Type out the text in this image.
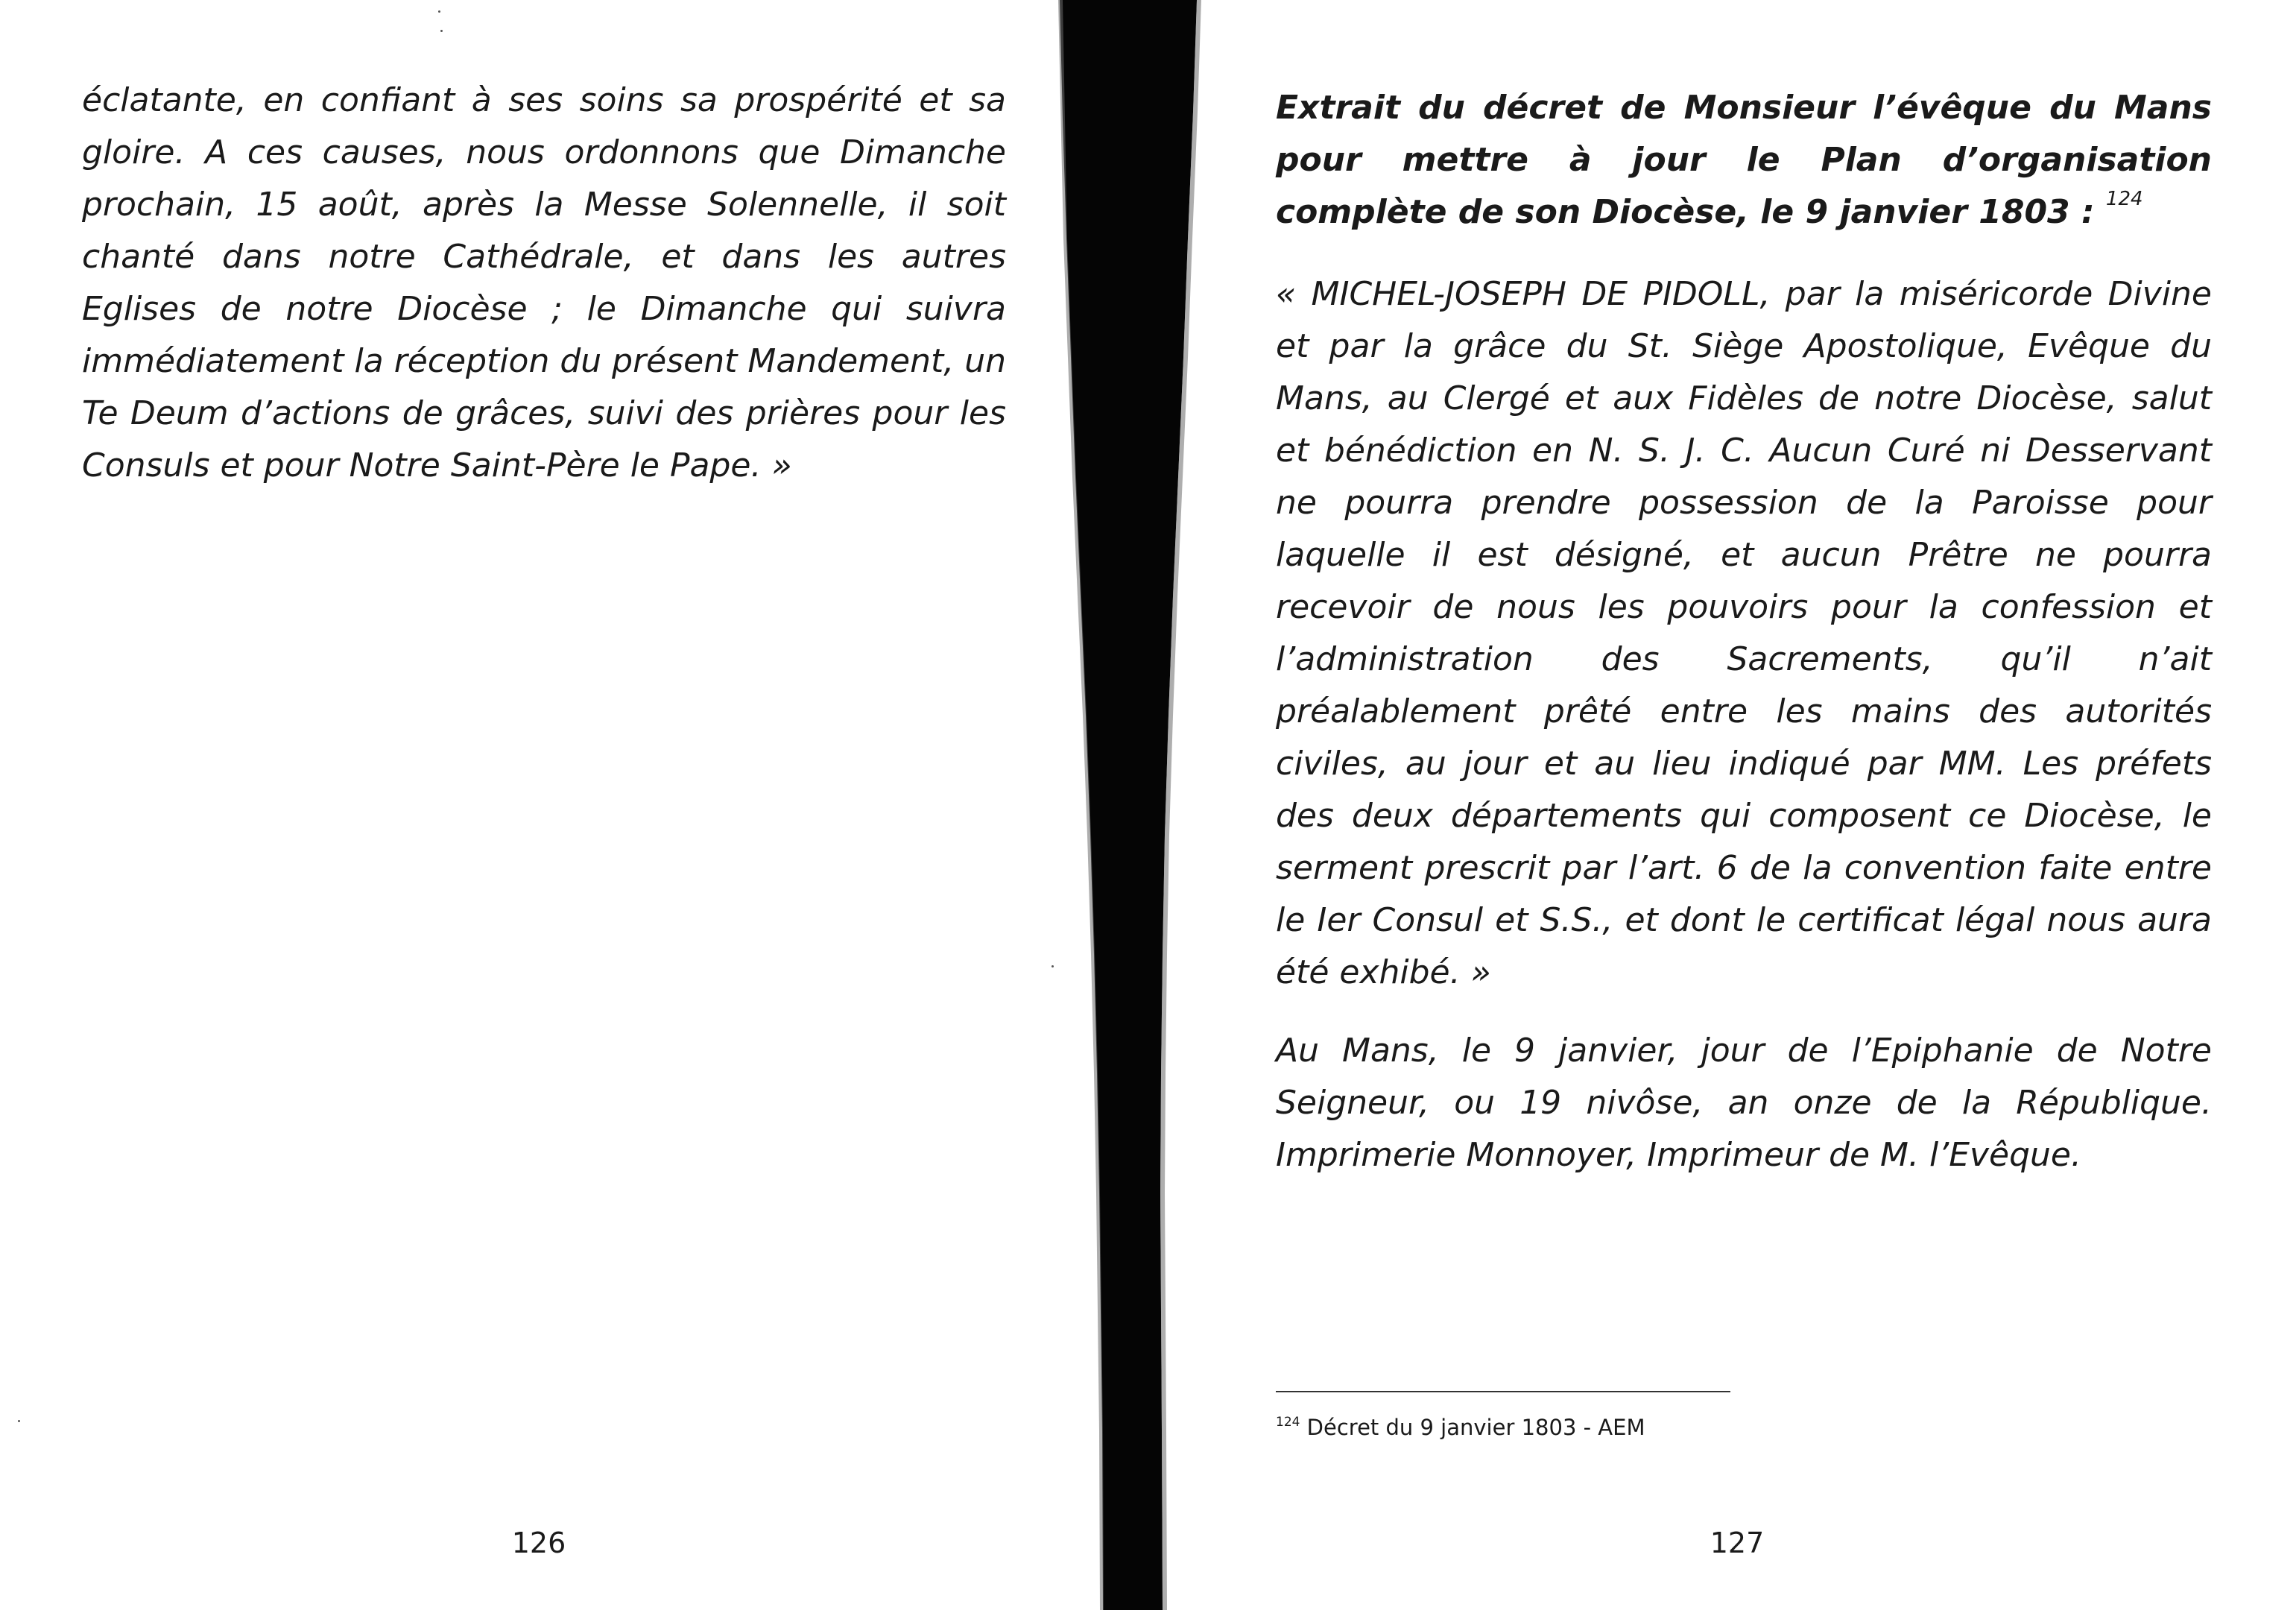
éclatante, en confiant à ses soins sa prospérité et sa gloire. A ces causes, nous ordonnons que Dimanche prochain, 15 août, après la Messe Solennelle, il soit chanté dans notre Cathédrale, et dans les autres Eglises de notre Diocèse ; le Dimanche qui suivra immédiatement la réception du présent Mandement, un Te Deum d’actions de grâces, suivi des prières pour les Consuls et pour Notre Saint-Père le Pape. »

126

Extrait du décret de Monsieur l’évêque du Mans pour mettre à jour le Plan d’organisation complète de son Diocèse, le 9 janvier 1803 : $^{124}$

« MICHEL-JOSEPH DE PIDOLL, par la miséricorde Divine et par la grâce du St. Siège Apostolique, Evêque du Mans, au Clergé et aux Fidèles de notre Diocèse, salut et bénédiction en N. S. J. C. Aucun Curé ni Desservant ne pourra prendre possession de la Paroisse pour laquelle il est désigné, et aucun Prêtre ne pourra recevoir de nous les pouvoirs pour la confession et l’administration des Sacrements, qu’il n’ait préalablement prêté entre les mains des autorités civiles, au jour et au lieu indiqué par MM. Les préfets des deux départements qui composent ce Diocèse, le serment prescrit par l’art. 6 de la convention faite entre le Ier Consul et S.S., et dont le certificat légal nous aura été exhibé. »

Au Mans, le 9 janvier, jour de l’Epiphanie de Notre Seigneur, ou 19 nivôse, an onze de la République. Imprimerie Monnoyer, Imprimeur de M. l’Evêque.

$^{124}$ Décret du 9 janvier 1803 - AEM

127
